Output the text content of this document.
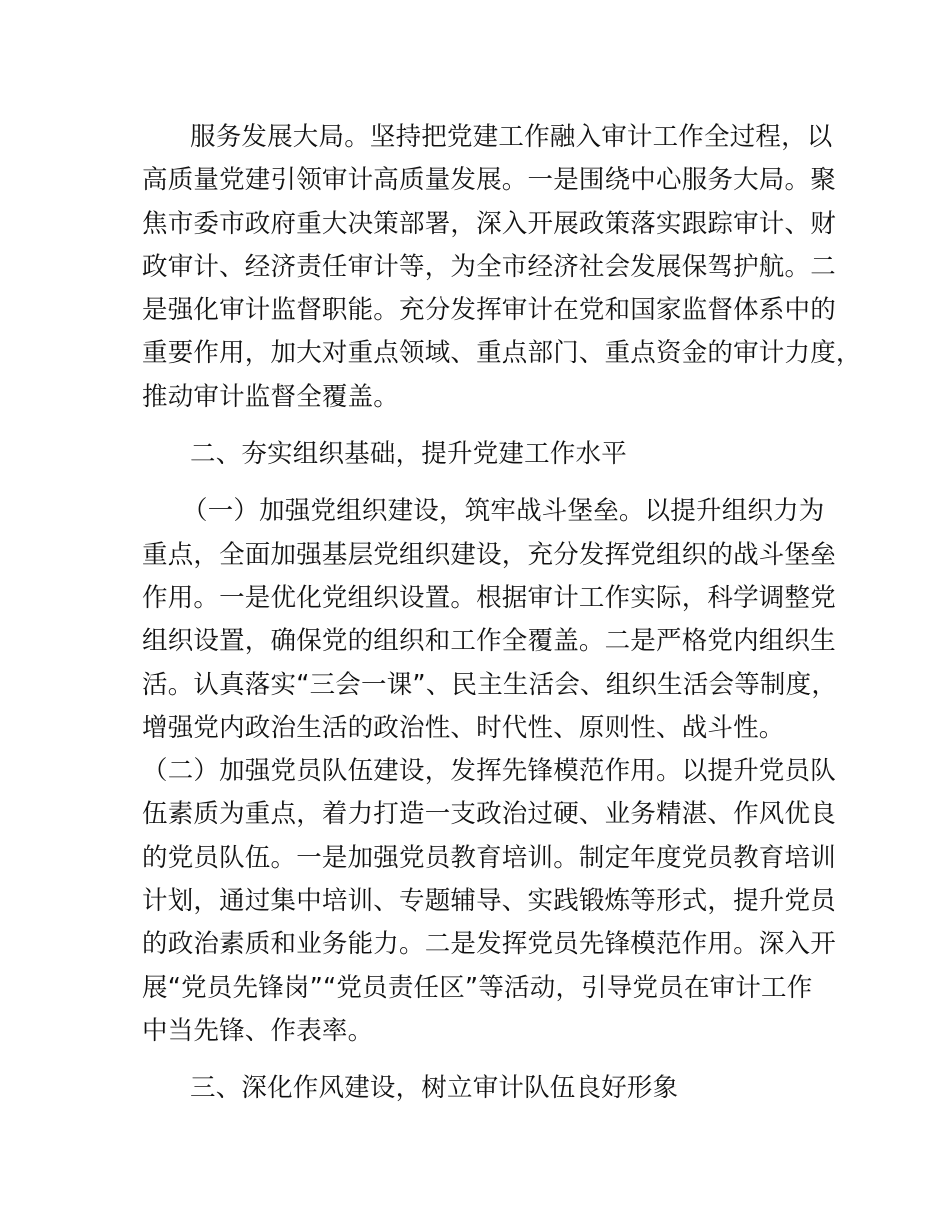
服务发展大局。坚持把党建工作融入审计工作全过程，以
高质量党建引领审计高质量发展。一是围绕中心服务大局。聚
焦市委市政府重大决策部署，深入开展政策落实跟踪审计、财
政审计、经济责任审计等，为全市经济社会发展保驾护航。二
是强化审计监督职能。充分发挥审计在党和国家监督体系中的
重要作用，加大对重点领域、重点部门、重点资金的审计力度，
推动审计监督全覆盖。
二、夯实组织基础，提升党建工作水平
（一）加强党组织建设，筑牢战斗堡垒。以提升组织力为
重点，全面加强基层党组织建设，充分发挥党组织的战斗堡垒
作用。一是优化党组织设置。根据审计工作实际，科学调整党
组织设置，确保党的组织和工作全覆盖。二是严格党内组织生
活。认真落实“三会一课”、民主生活会、组织生活会等制度，
增强党内政治生活的政治性、时代性、原则性、战斗性。
（二）加强党员队伍建设，发挥先锋模范作用。以提升党员队
伍素质为重点，着力打造一支政治过硬、业务精湛、作风优良
的党员队伍。一是加强党员教育培训。制定年度党员教育培训
计划，通过集中培训、专题辅导、实践锻炼等形式，提升党员
的政治素质和业务能力。二是发挥党员先锋模范作用。深入开
展“党员先锋岗”“党员责任区”等活动，引导党员在审计工作
中当先锋、作表率。
三、深化作风建设，树立审计队伍良好形象
